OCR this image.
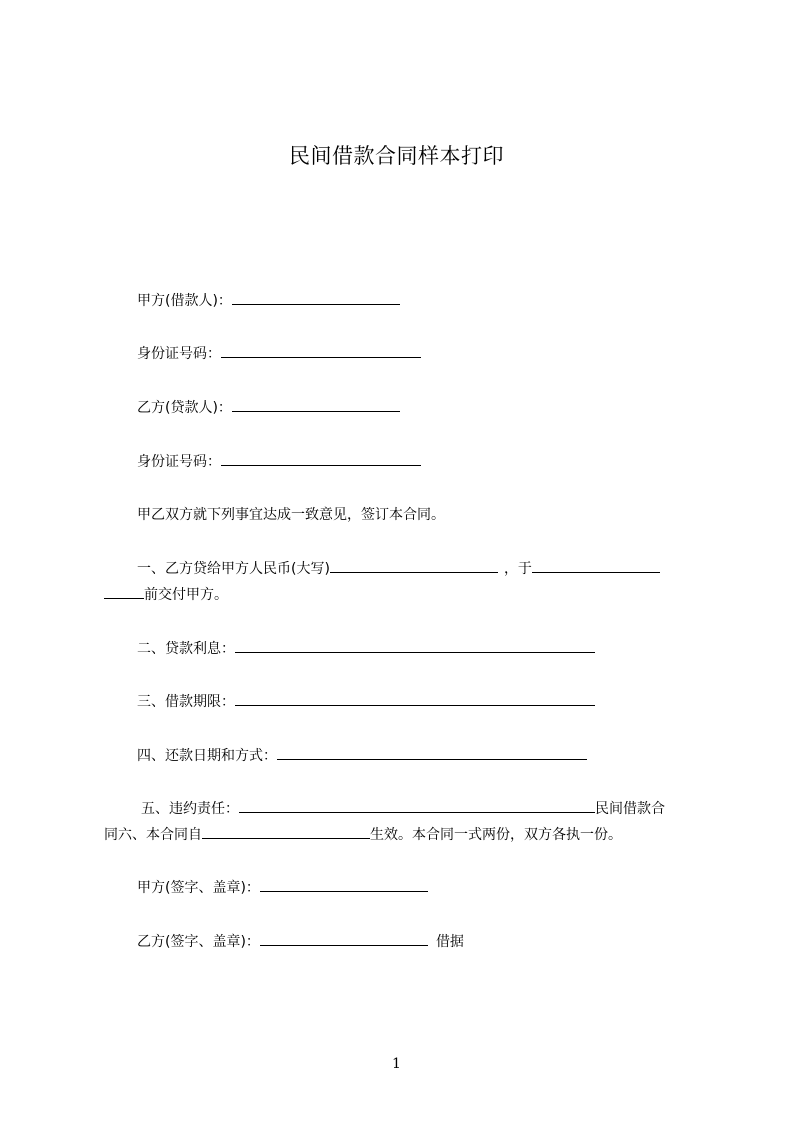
民间借款合同样本打印
甲方(借款人)：
身份证号码：
乙方(贷款人)：
身份证号码：
甲乙双方就下列事宜达成一致意见，签订本合同。
一、乙方贷给甲方人民币(大写)	，于
前交付甲方。
二、贷款利息：
三、借款期限：
四、还款日期和方式：
五、违约责任：	民间借款合
同六、本合同自	生效。本合同一式两份，双方各执一份。
甲方(签字、盖章)：
乙方(签字、盖章)：	借据
1
